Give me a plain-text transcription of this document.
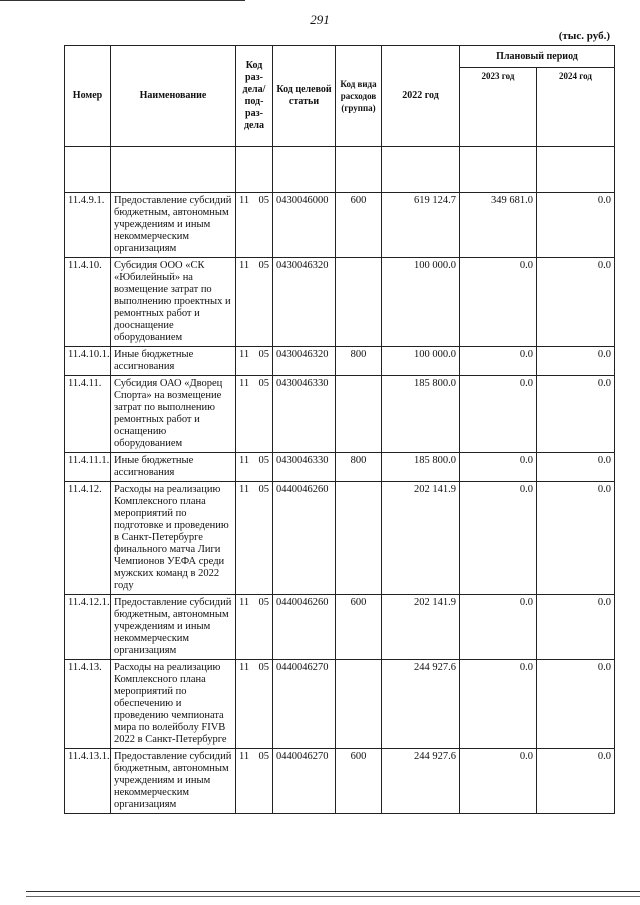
291
(тыс. руб.)
Номер	Наименование	Код раз-дела/ под-раз-дела	Код целевой статьи	Код вида расходов (группа)	2022 год	Плановый период	
						2023 год	2024 год

11.4.9.1.	Предоставление субсидий бюджетным, автономным учреждениям и иным некоммерческим организациям	11 05	0430046000	600	619 124.7	349 681.0	0.0
11.4.10.	Субсидия ООО «СК «Юбилейный» на возмещение затрат по выполнению проектных и ремонтных работ и дооснащение оборудованием	11 05	0430046320		100 000.0	0.0	0.0
11.4.10.1.	Иные бюджетные ассигнования	11 05	0430046320	800	100 000.0	0.0	0.0
11.4.11.	Субсидия ОАО «Дворец Спорта» на возмещение затрат по выполнению ремонтных работ и оснащению оборудованием	11 05	0430046330		185 800.0	0.0	0.0
11.4.11.1.	Иные бюджетные ассигнования	11 05	0430046330	800	185 800.0	0.0	0.0
11.4.12.	Расходы на реализацию Комплексного плана мероприятий по подготовке и проведению в Санкт-Петербурге финального матча Лиги Чемпионов УЕФА среди мужских команд в 2022 году	11 05	0440046260		202 141.9	0.0	0.0
11.4.12.1.	Предоставление субсидий бюджетным, автономным учреждениям и иным некоммерческим организациям	11 05	0440046260	600	202 141.9	0.0	0.0
11.4.13.	Расходы на реализацию Комплексного плана мероприятий по обеспечению и проведению чемпионата мира по волейболу FIVB 2022 в Санкт-Петербурге	11 05	0440046270		244 927.6	0.0	0.0
11.4.13.1.	Предоставление субсидий бюджетным, автономным учреждениям и иным некоммерческим организациям	11 05	0440046270	600	244 927.6	0.0	0.0
